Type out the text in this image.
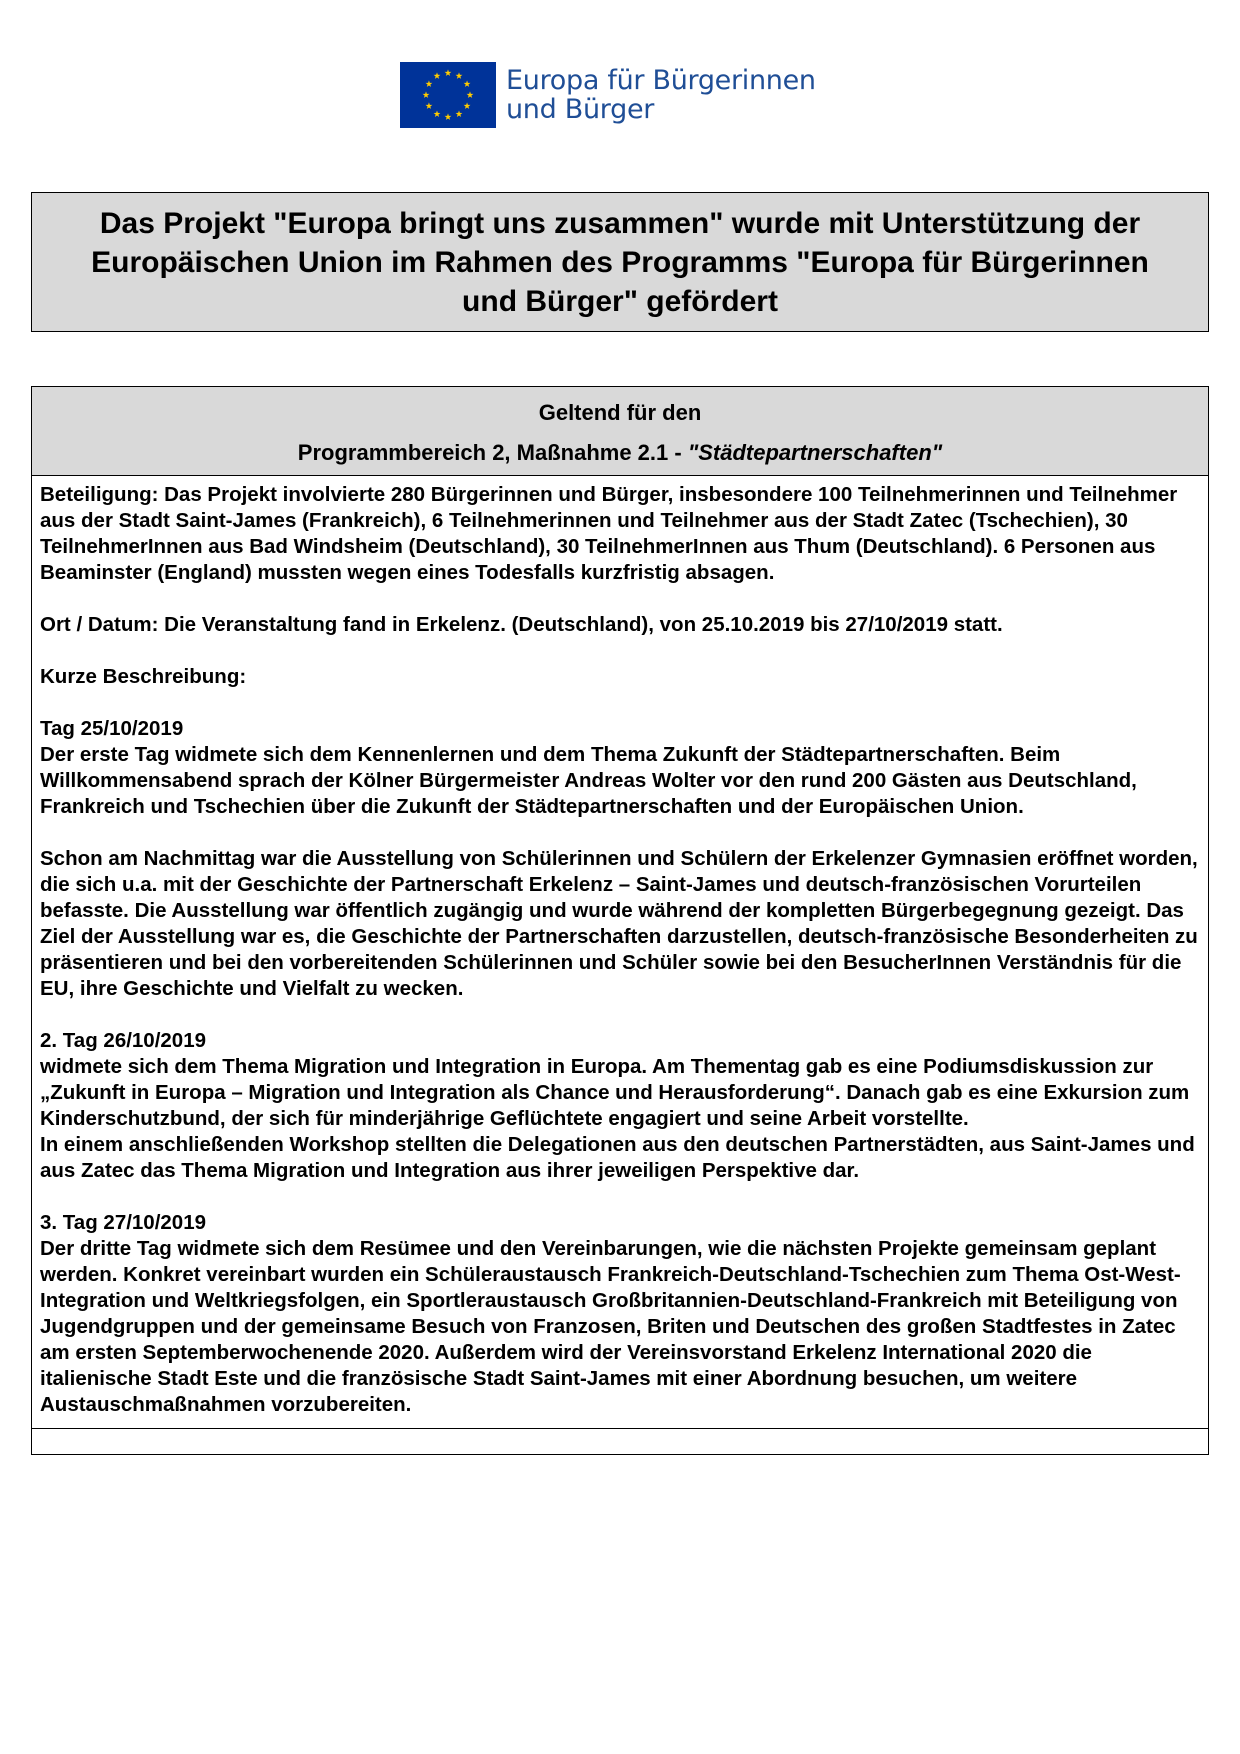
Europa für Bürgerinnen
und Bürger
Das Projekt "Europa bringt uns zusammen" wurde mit Unterstützung der Europäischen Union im Rahmen des Programms "Europa für Bürgerinnen und Bürger" gefördert
Geltend für den
Programmbereich 2, Maßnahme 2.1 - "Städtepartnerschaften"

Beteiligung: Das Projekt involvierte 280 Bürgerinnen und Bürger, insbesondere 100 Teilnehmerinnen und Teilnehmer aus der Stadt Saint-James (Frankreich), 6 Teilnehmerinnen und Teilnehmer aus der Stadt Zatec (Tschechien), 30 TeilnehmerInnen aus Bad Windsheim (Deutschland), 30 TeilnehmerInnen aus Thum (Deutschland). 6 Personen aus Beaminster (England) mussten wegen eines Todesfalls kurzfristig absagen.

Ort / Datum: Die Veranstaltung fand in Erkelenz. (Deutschland), von 25.10.2019 bis 27/10/2019 statt.

Kurze Beschreibung:

Tag 25/10/2019
Der erste Tag widmete sich dem Kennenlernen und dem Thema Zukunft der Städtepartnerschaften. Beim Willkommensabend sprach der Kölner Bürgermeister Andreas Wolter vor den rund 200 Gästen aus Deutschland, Frankreich und Tschechien über die Zukunft der Städtepartnerschaften und der Europäischen Union.

Schon am Nachmittag war die Ausstellung von Schülerinnen und Schülern der Erkelenzer Gymnasien eröffnet worden, die sich u.a. mit der Geschichte der Partnerschaft Erkelenz – Saint-James und deutsch-französischen Vorurteilen befasste. Die Ausstellung war öffentlich zugängig und wurde während der kompletten Bürgerbegegnung gezeigt. Das Ziel der Ausstellung war es, die Geschichte der Partnerschaften darzustellen, deutsch-französische Besonderheiten zu präsentieren und bei den vorbereitenden Schülerinnen und Schüler sowie bei den BesucherInnen Verständnis für die EU, ihre Geschichte und Vielfalt zu wecken.

2. Tag 26/10/2019
widmete sich dem Thema Migration und Integration in Europa. Am Thementag gab es eine Podiumsdiskussion zur „Zukunft in Europa – Migration und Integration als Chance und Herausforderung“. Danach gab es eine Exkursion zum Kinderschutzbund, der sich für minderjährige Geflüchtete engagiert und seine Arbeit vorstellte.
In einem anschließenden Workshop stellten die Delegationen aus den deutschen Partnerstädten, aus Saint-James und aus Zatec das Thema Migration und Integration aus ihrer jeweiligen Perspektive dar.

3. Tag 27/10/2019
Der dritte Tag widmete sich dem Resümee und den Vereinbarungen, wie die nächsten Projekte gemeinsam geplant werden. Konkret vereinbart wurden ein Schüleraustausch Frankreich-Deutschland-Tschechien zum Thema Ost-West-Integration und Weltkriegsfolgen, ein Sportleraustausch Großbritannien-Deutschland-Frankreich mit Beteiligung von Jugendgruppen und der gemeinsame Besuch von Franzosen, Briten und Deutschen des großen Stadtfestes in Zatec am ersten Septemberwochenende 2020. Außerdem wird der Vereinsvorstand Erkelenz International 2020 die italienische Stadt Este und die französische Stadt Saint-James mit einer Abordnung besuchen, um weitere Austauschmaßnahmen vorzubereiten.
